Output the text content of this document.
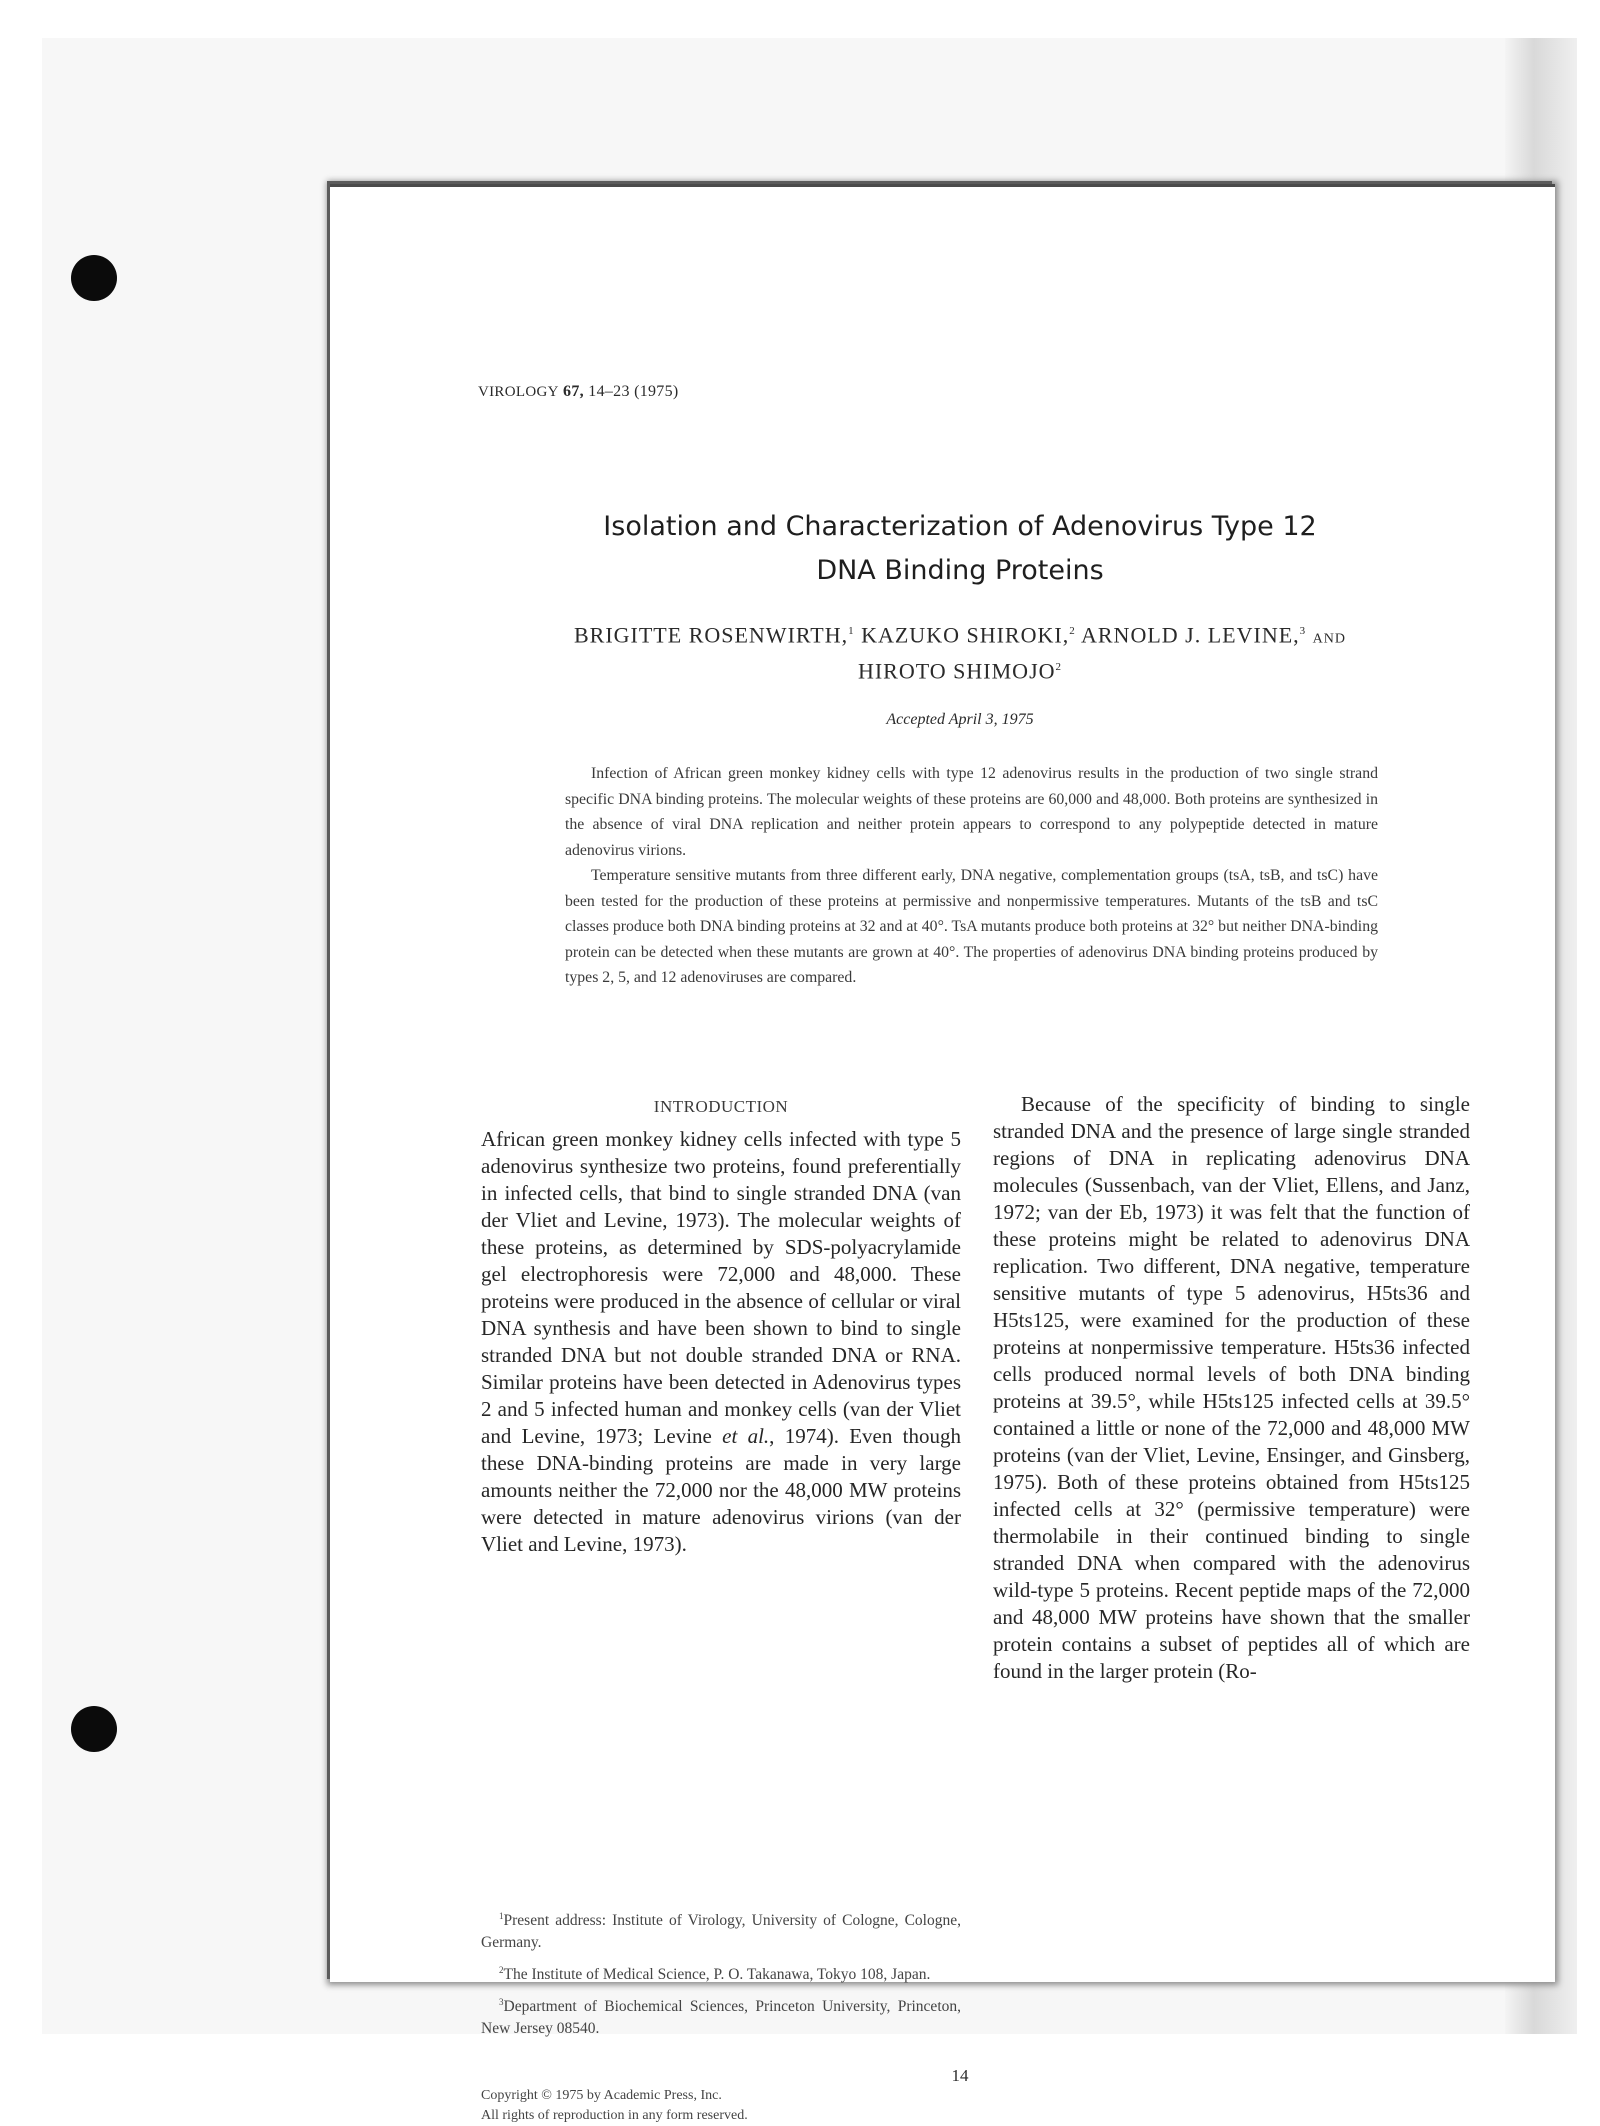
VIROLOGY 67, 14–23 (1975)
Isolation and Characterization of Adenovirus Type 12
DNA Binding Proteins
BRIGITTE ROSENWIRTH,$^1$ KAZUKO SHIROKI,$^2$ ARNOLD J. LEVINE,$^3$ AND
HIROTO SHIMOJO$^2$
Accepted April 3, 1975

Infection of African green monkey kidney cells with type 12 adenovirus results in the production of two single strand specific DNA binding proteins. The molecular weights of these proteins are 60,000 and 48,000. Both proteins are synthesized in the absence of viral DNA replication and neither protein appears to correspond to any polypeptide detected in mature adenovirus virions.

Temperature sensitive mutants from three different early, DNA negative, complementation groups (tsA, tsB, and tsC) have been tested for the production of these proteins at permissive and nonpermissive temperatures. Mutants of the tsB and tsC classes produce both DNA binding proteins at 32 and at 40°. TsA mutants produce both proteins at 32° but neither DNA-binding protein can be detected when these mutants are grown at 40°. The properties of adenovirus DNA binding proteins produced by types 2, 5, and 12 adenoviruses are compared.

INTRODUCTION

African green monkey kidney cells infected with type 5 adenovirus synthesize two proteins, found preferentially in infected cells, that bind to single stranded DNA (van der Vliet and Levine, 1973). The molecular weights of these proteins, as determined by SDS-polyacrylamide gel electrophoresis were 72,000 and 48,000. These proteins were produced in the absence of cellular or viral DNA synthesis and have been shown to bind to single stranded DNA but not double stranded DNA or RNA. Similar proteins have been detected in Adenovirus types 2 and 5 infected human and monkey cells (van der Vliet and Levine, 1973; Levine et al., 1974). Even though these DNA-binding proteins are made in very large amounts neither the 72,000 nor the 48,000 MW proteins were detected in mature adenovirus virions (van der Vliet and Levine, 1973).

Because of the specificity of binding to single stranded DNA and the presence of large single stranded regions of DNA in replicating adenovirus DNA molecules (Sussenbach, van der Vliet, Ellens, and Janz, 1972; van der Eb, 1973) it was felt that the function of these proteins might be related to adenovirus DNA replication. Two different, DNA negative, temperature sensitive mutants of type 5 adenovirus, H5ts36 and H5ts125, were examined for the production of these proteins at nonpermissive temperature. H5ts36 infected cells produced normal levels of both DNA binding proteins at 39.5°, while H5ts125 infected cells at 39.5° contained a little or none of the 72,000 and 48,000 MW proteins (van der Vliet, Levine, Ensinger, and Ginsberg, 1975). Both of these proteins obtained from H5ts125 infected cells at 32° (permissive temperature) were thermolabile in their continued binding to single stranded DNA when compared with the adenovirus wild-type 5 proteins. Recent peptide maps of the 72,000 and 48,000 MW proteins have shown that the smaller protein contains a subset of peptides all of which are found in the larger protein (Ro-

$^1$Present address: Institute of Virology, University of Cologne, Cologne, Germany.

$^2$The Institute of Medical Science, P. O. Takanawa, Tokyo 108, Japan.

$^3$Department of Biochemical Sciences, Princeton University, Princeton, New Jersey 08540.

14
Copyright © 1975 by Academic Press, Inc.
All rights of reproduction in any form reserved.
